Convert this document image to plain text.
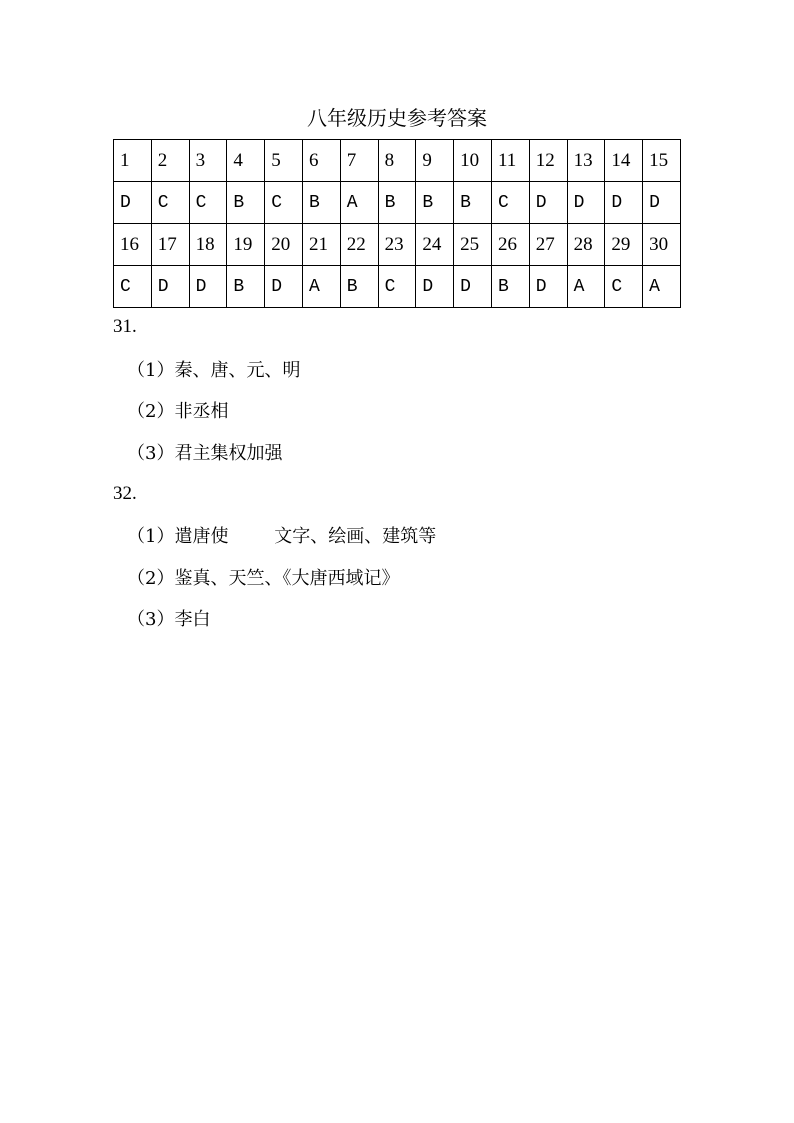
八年级历史参考答案
1	2	3	4	5	6	7	8	9	10	11	12	13	14	15
D	C	C	B	C	B	A	B	B	B	C	D	D	D	D
16	17	18	19	20	21	22	23	24	25	26	27	28	29	30
C	D	D	B	D	A	B	C	D	D	B	D	A	C	A
31.
（1）秦、唐、元、明
（2）非丞相
（3）君主集权加强
32.
（1）遣唐使        文字、绘画、建筑等
（2）鉴真、天竺、《大唐西域记》
（3）李白
